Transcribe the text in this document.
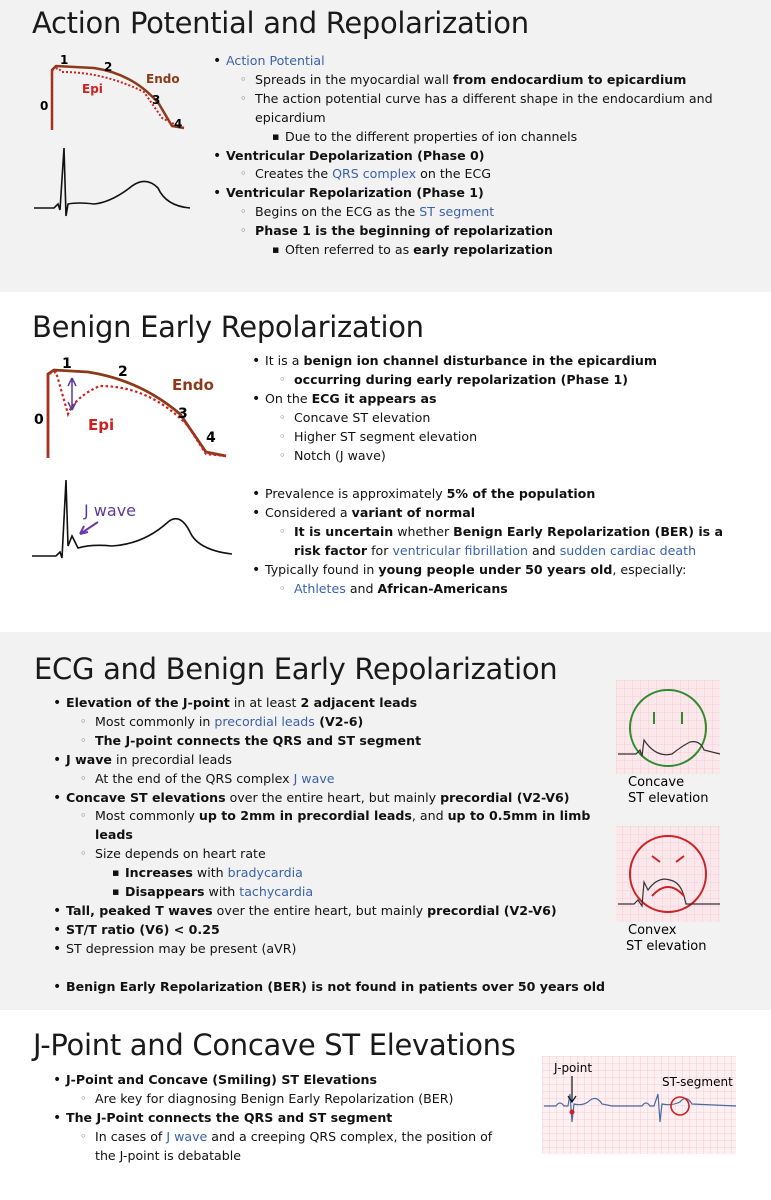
Action Potential and Repolarization
0
1	2
3
4
Epi
Endo
• Action Potential
◦ Spreads in the myocardial wall from endocardium to epicardium
◦ The action potential curve has a different shape in the endocardium and epicardium
▪ Due to the different properties of ion channels
• Ventricular Depolarization (Phase 0)
◦ Creates the QRS complex on the ECG
• Ventricular Repolarization (Phase 1)
◦ Begins on the ECG as the ST segment
◦ Phase 1 is the beginning of repolarization
▪ Often referred to as early repolarization
Benign Early Repolarization
0
1	2
3
4
Epi
Endo
J wave
• It is a benign ion channel disturbance in the epicardium
◦ occurring during early repolarization (Phase 1)
• On the ECG it appears as
◦ Concave ST elevation
◦ Higher ST segment elevation
◦ Notch (J wave)
• Prevalence is approximately 5% of the population
• Considered a variant of normal
◦ It is uncertain whether Benign Early Repolarization (BER) is a risk factor for ventricular fibrillation and sudden cardiac death
• Typically found in young people under 50 years old, especially:
◦ Athletes and African-Americans
ECG and Benign Early Repolarization
• Elevation of the J-point in at least 2 adjacent leads
◦ Most commonly in precordial leads (V2-6)
◦ The J-point connects the QRS and ST segment
• J wave in precordial leads
◦ At the end of the QRS complex J wave
• Concave ST elevations over the entire heart, but mainly precordial (V2-V6)
◦ Most commonly up to 2mm in precordial leads, and up to 0.5mm in limb leads
◦ Size depends on heart rate
▪ Increases with bradycardia
▪ Disappears with tachycardia
• Tall, peaked T waves over the entire heart, but mainly precordial (V2-V6)
• ST/T ratio (V6) < 0.25
• ST depression may be present (aVR)
• Benign Early Repolarization (BER) is not found in patients over 50 years old
Concave
ST elevation
Convex
ST elevation
J-Point and Concave ST Elevations
• J-Point and Concave (Smiling) ST Elevations
◦ Are key for diagnosing Benign Early Repolarization (BER)
• The J-Point connects the QRS and ST segment
◦ In cases of J wave and a creeping QRS complex, the position of the J-point is debatable
J-point
ST-segment
